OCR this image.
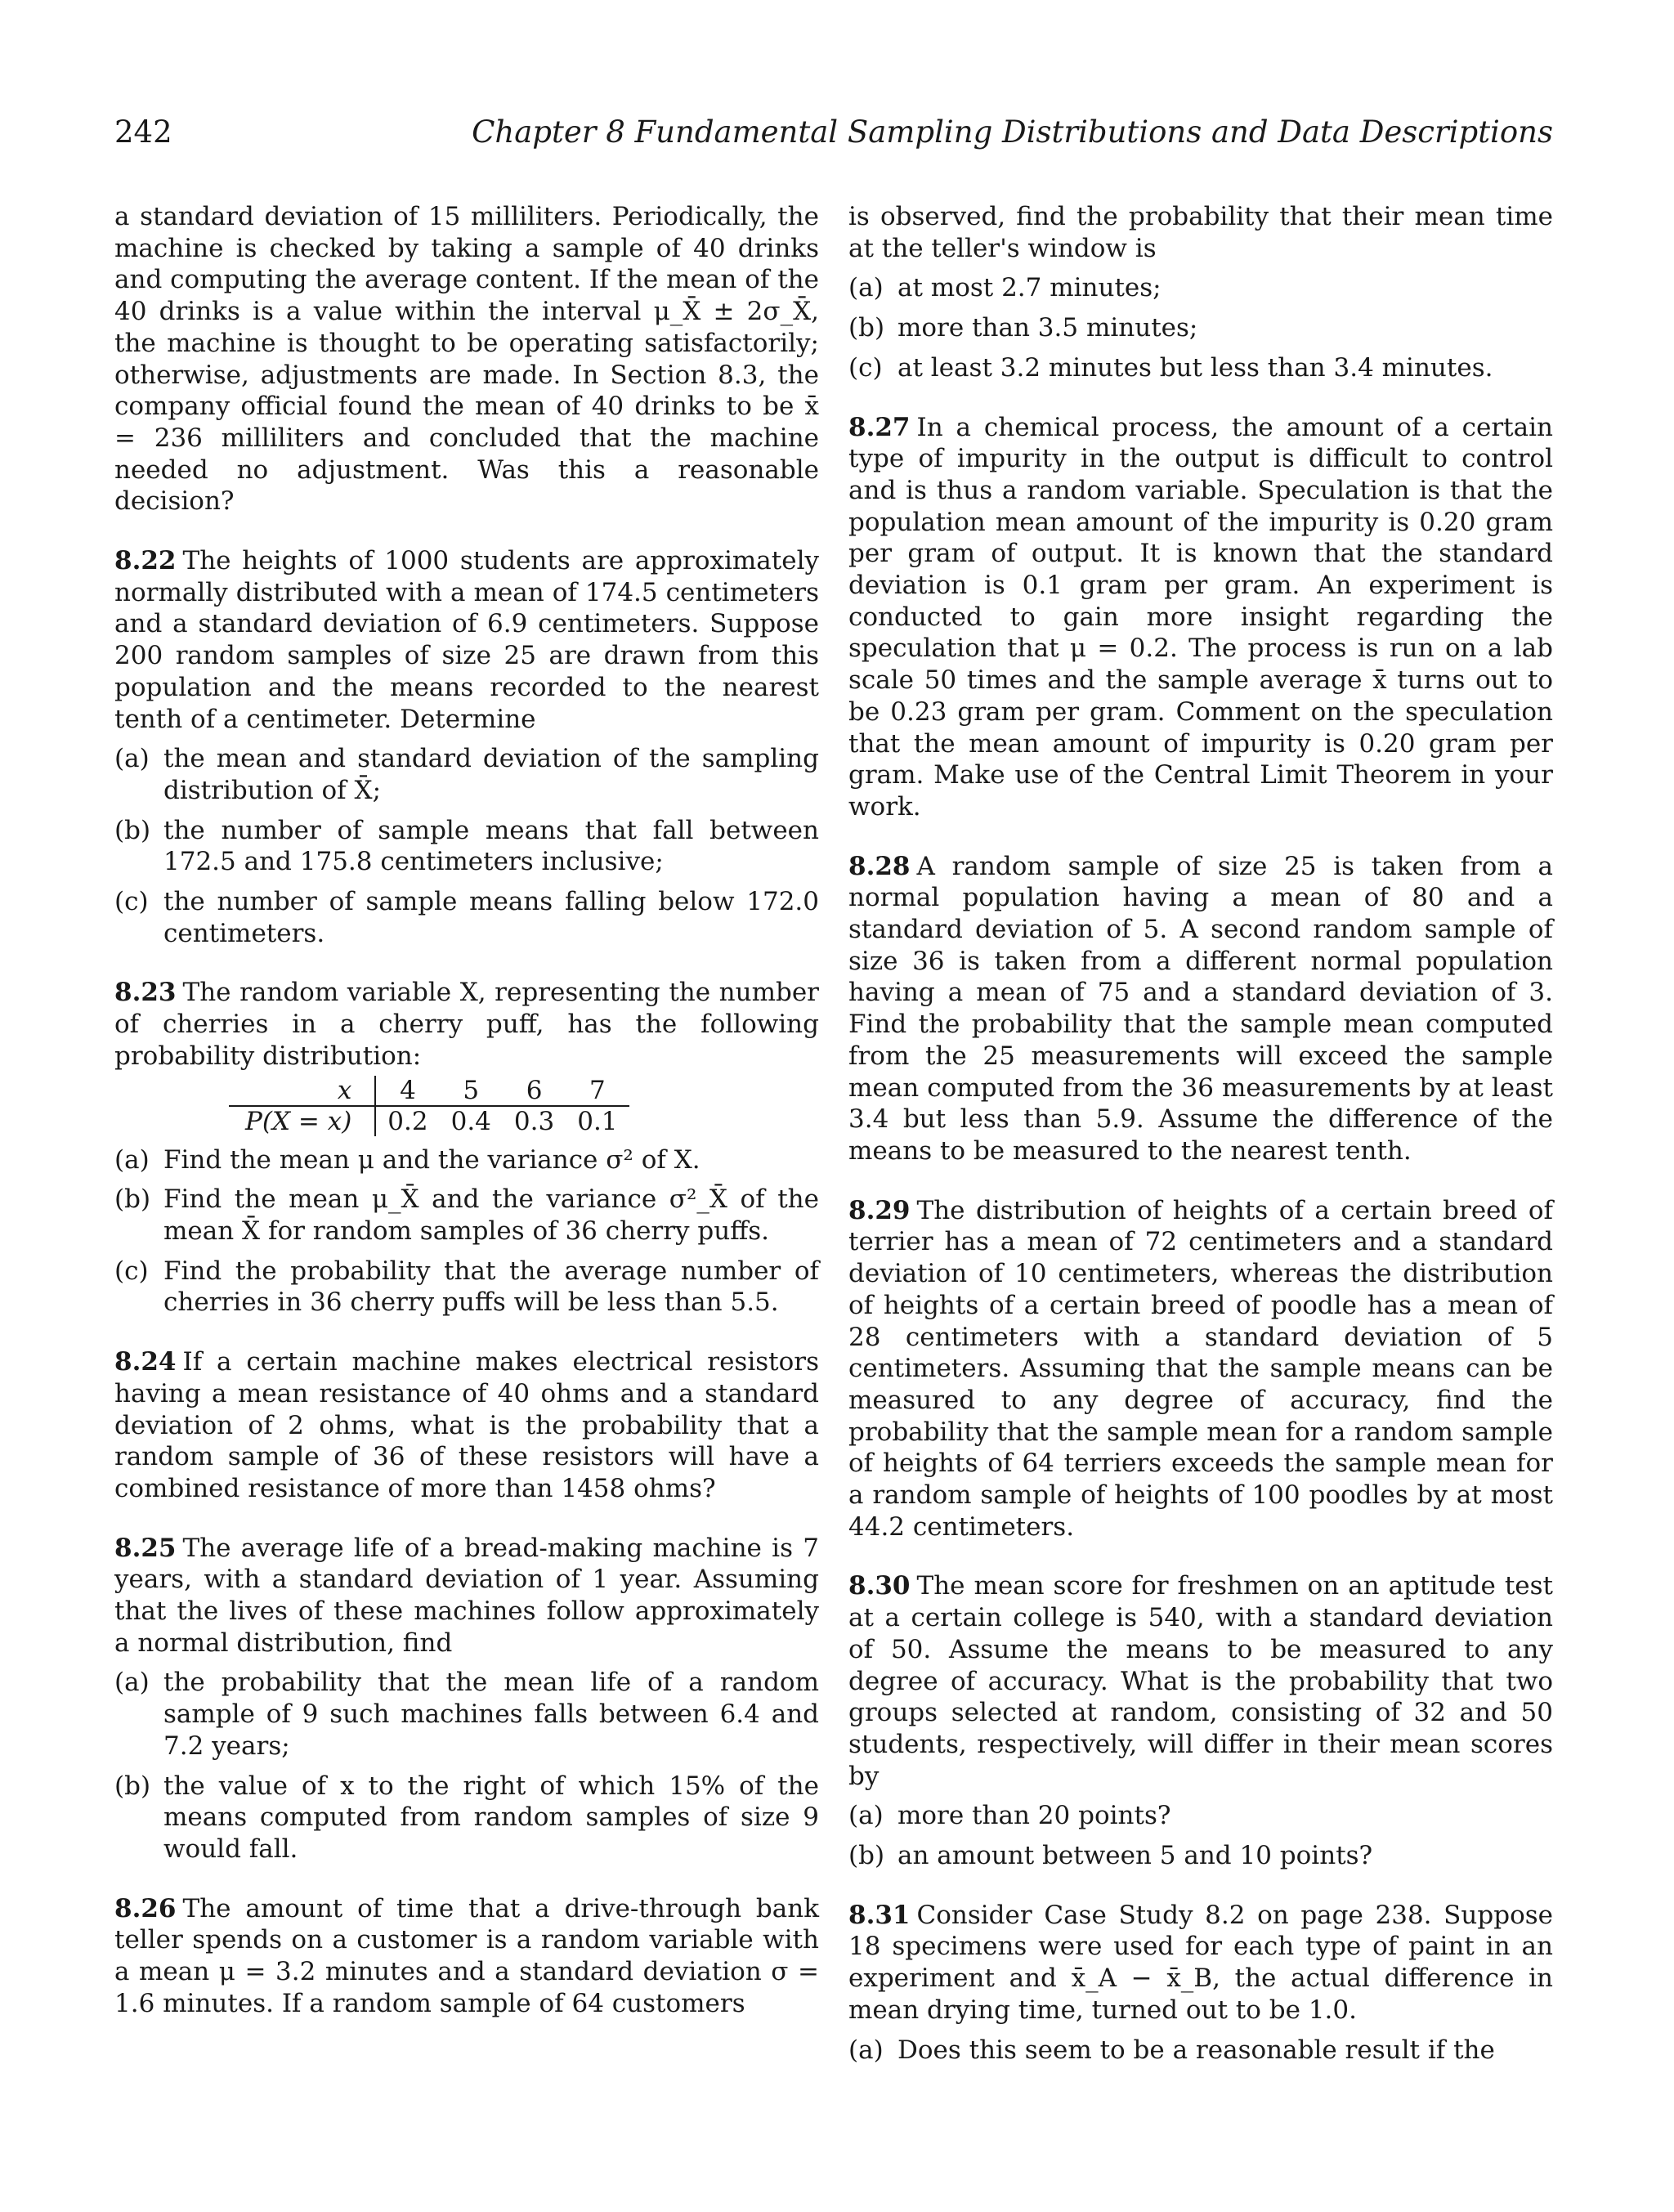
242	Chapter 8 Fundamental Sampling Distributions and Data Descriptions

a standard deviation of 15 milliliters. Periodically, the machine is checked by taking a sample of 40 drinks and computing the average content. If the mean of the 40 drinks is a value within the interval μ_X̄ ± 2σ_X̄, the machine is thought to be operating satisfactorily; otherwise, adjustments are made. In Section 8.3, the company official found the mean of 40 drinks to be x̄ = 236 milliliters and concluded that the machine needed no adjustment. Was this a reasonable decision?

8.22 The heights of 1000 students are approximately normally distributed with a mean of 174.5 centimeters and a standard deviation of 6.9 centimeters. Suppose 200 random samples of size 25 are drawn from this population and the means recorded to the nearest tenth of a centimeter. Determine

(a) the mean and standard deviation of the sampling distribution of X̄;
(b) the number of sample means that fall between 172.5 and 175.8 centimeters inclusive;
(c) the number of sample means falling below 172.0 centimeters.

8.23 The random variable X, representing the number of cherries in a cherry puff, has the following probability distribution:

x	4	5	6	7
P(X = x)	0.2	0.4	0.3	0.1
(a) Find the mean μ and the variance σ² of X.
(b) Find the mean μ_X̄ and the variance σ²_X̄ of the mean X̄ for random samples of 36 cherry puffs.
(c) Find the probability that the average number of cherries in 36 cherry puffs will be less than 5.5.

8.24 If a certain machine makes electrical resistors having a mean resistance of 40 ohms and a standard deviation of 2 ohms, what is the probability that a random sample of 36 of these resistors will have a combined resistance of more than 1458 ohms?

8.25 The average life of a bread-making machine is 7 years, with a standard deviation of 1 year. Assuming that the lives of these machines follow approximately a normal distribution, find

(a) the probability that the mean life of a random sample of 9 such machines falls between 6.4 and 7.2 years;
(b) the value of x to the right of which 15% of the means computed from random samples of size 9 would fall.

8.26 The amount of time that a drive-through bank teller spends on a customer is a random variable with a mean μ = 3.2 minutes and a standard deviation σ = 1.6 minutes. If a random sample of 64 customers

is observed, find the probability that their mean time at the teller's window is

(a) at most 2.7 minutes;
(b) more than 3.5 minutes;
(c) at least 3.2 minutes but less than 3.4 minutes.

8.27 In a chemical process, the amount of a certain type of impurity in the output is difficult to control and is thus a random variable. Speculation is that the population mean amount of the impurity is 0.20 gram per gram of output. It is known that the standard deviation is 0.1 gram per gram. An experiment is conducted to gain more insight regarding the speculation that μ = 0.2. The process is run on a lab scale 50 times and the sample average x̄ turns out to be 0.23 gram per gram. Comment on the speculation that the mean amount of impurity is 0.20 gram per gram. Make use of the Central Limit Theorem in your work.

8.28 A random sample of size 25 is taken from a normal population having a mean of 80 and a standard deviation of 5. A second random sample of size 36 is taken from a different normal population having a mean of 75 and a standard deviation of 3. Find the probability that the sample mean computed from the 25 measurements will exceed the sample mean computed from the 36 measurements by at least 3.4 but less than 5.9. Assume the difference of the means to be measured to the nearest tenth.

8.29 The distribution of heights of a certain breed of terrier has a mean of 72 centimeters and a standard deviation of 10 centimeters, whereas the distribution of heights of a certain breed of poodle has a mean of 28 centimeters with a standard deviation of 5 centimeters. Assuming that the sample means can be measured to any degree of accuracy, find the probability that the sample mean for a random sample of heights of 64 terriers exceeds the sample mean for a random sample of heights of 100 poodles by at most 44.2 centimeters.

8.30 The mean score for freshmen on an aptitude test at a certain college is 540, with a standard deviation of 50. Assume the means to be measured to any degree of accuracy. What is the probability that two groups selected at random, consisting of 32 and 50 students, respectively, will differ in their mean scores by

(a) more than 20 points?
(b) an amount between 5 and 10 points?

8.31 Consider Case Study 8.2 on page 238. Suppose 18 specimens were used for each type of paint in an experiment and x̄_A − x̄_B, the actual difference in mean drying time, turned out to be 1.0.

(a) Does this seem to be a reasonable result if the
